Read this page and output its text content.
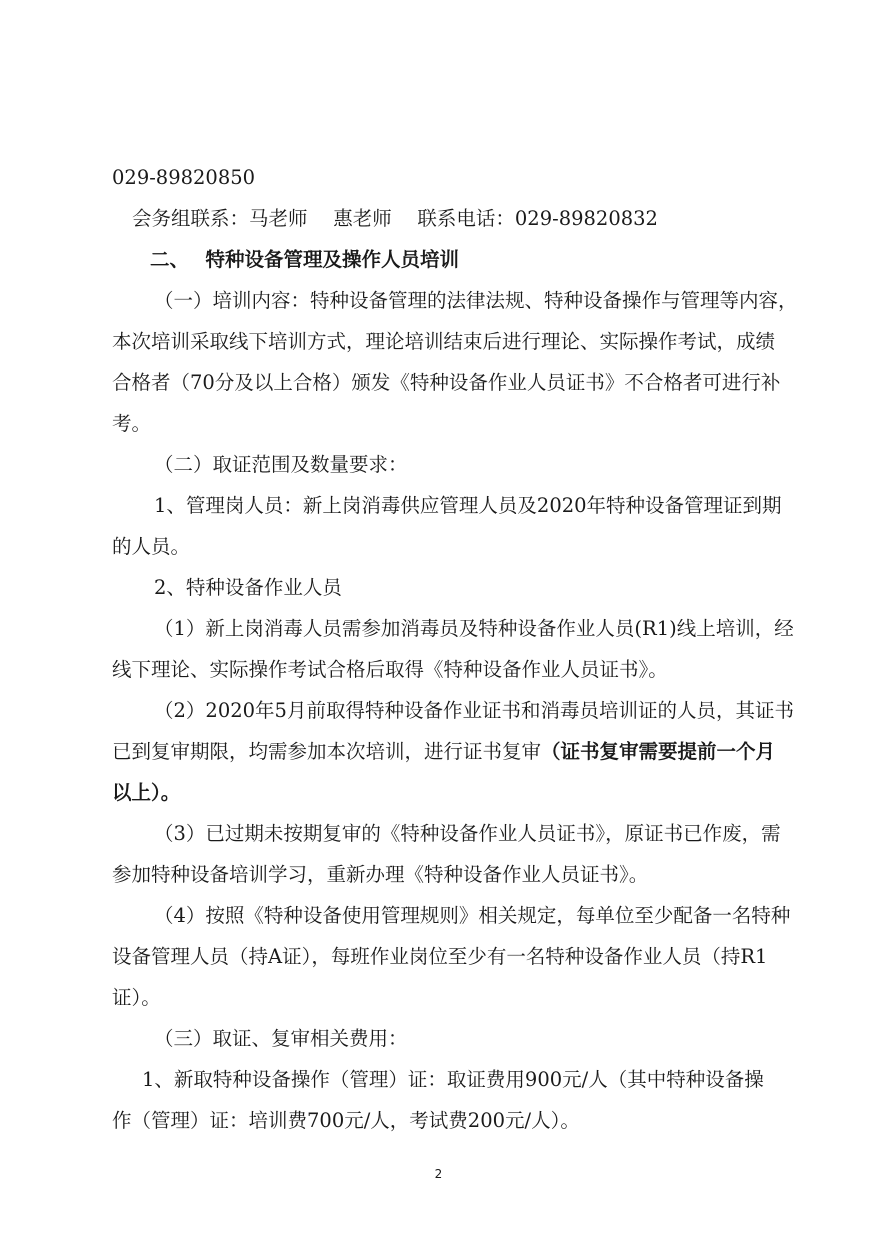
029-89820850
会务组联系：马老师　 惠老师　 联系电话：029-89820832
二、　 特种设备管理及操作人员培训
（一）培训内容：特种设备管理的法律法规、特种设备操作与管理等内容，
本次培训采取线下培训方式，理论培训结束后进行理论、实际操作考试，成绩
合格者（70分及以上合格）颁发《特种设备作业人员证书》不合格者可进行补
考。
（二）取证范围及数量要求：
1、管理岗人员：新上岗消毒供应管理人员及2020年特种设备管理证到期
的人员。
2、特种设备作业人员
（1）新上岗消毒人员需参加消毒员及特种设备作业人员(R1)线上培训，经
线下理论、实际操作考试合格后取得《特种设备作业人员证书》。
（2）2020年5月前取得特种设备作业证书和消毒员培训证的人员，其证书
已到复审期限，均需参加本次培训，进行证书复审（证书复审需要提前一个月
以上）。
（3）已过期未按期复审的《特种设备作业人员证书》，原证书已作废，需
参加特种设备培训学习，重新办理《特种设备作业人员证书》。
（4）按照《特种设备使用管理规则》相关规定，每单位至少配备一名特种
设备管理人员（持A证），每班作业岗位至少有一名特种设备作业人员（持R1
证）。
（三）取证、复审相关费用：
1、新取特种设备操作（管理）证：取证费用900元/人（其中特种设备操
作（管理）证：培训费700元/人，考试费200元/人）。
2
